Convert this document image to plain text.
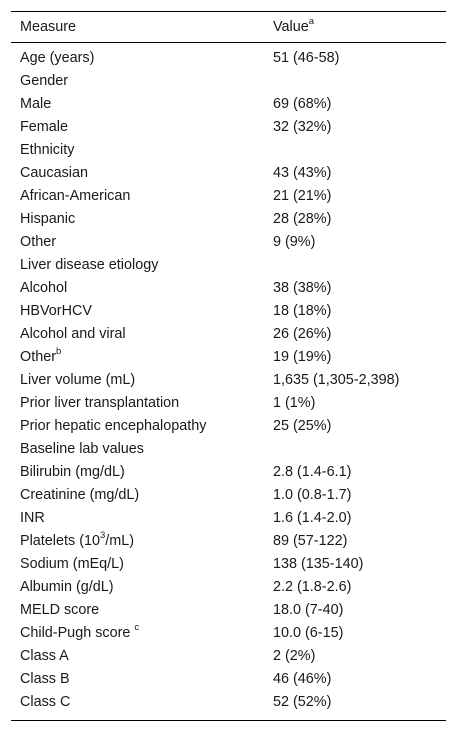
Measure	Value$^a$
Age (years)	51 (46-58)
Gender	
Male	69 (68%)
Female	32 (32%)
Ethnicity	
Caucasian	43 (43%)
African-American	21 (21%)
Hispanic	28 (28%)
Other	9 (9%)
Liver disease etiology	
Alcohol	38 (38%)
HBVorHCV	18 (18%)
Alcohol and viral	26 (26%)
Other$^b$	19 (19%)
Liver volume (mL)	1,635 (1,305-2,398)
Prior liver transplantation	1 (1%)
Prior hepatic encephalopathy	25 (25%)
Baseline lab values	
Bilirubin (mg/dL)	2.8 (1.4-6.1)
Creatinine (mg/dL)	1.0 (0.8-1.7)
INR	1.6 (1.4-2.0)
Platelets $(10^3/mL)$	89 (57-122)
Sodium (mEq/L)	138 (135-140)
Albumin (g/dL)	2.2 (1.8-2.6)
MELD score	18.0 (7-40)
Child-Pugh score $^c$	10.0 (6-15)
Class A	2 (2%)
Class B	46 (46%)
Class C	52 (52%)
